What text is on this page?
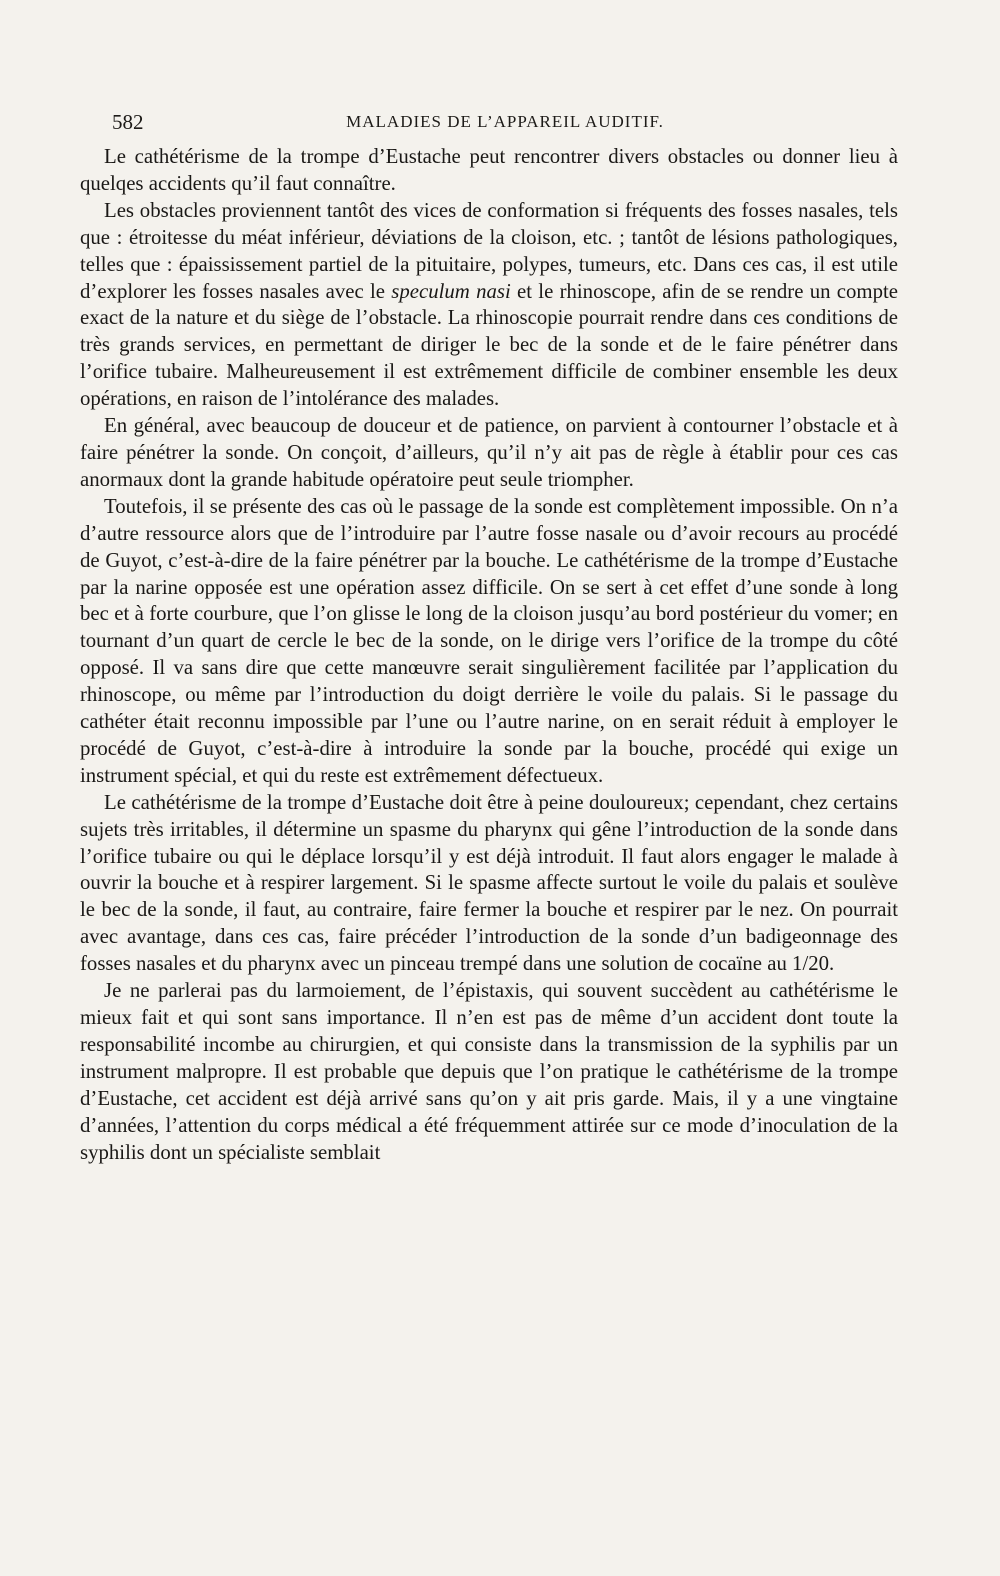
582	MALADIES DE L’APPAREIL AUDITIF.

Le cathétérisme de la trompe d’Eustache peut rencontrer divers obstacles ou donner lieu à quelqes accidents qu’il faut connaître.

Les obstacles proviennent tantôt des vices de conformation si fréquents des fosses nasales, tels que : étroitesse du méat inférieur, déviations de la cloison, etc. ; tantôt de lésions pathologiques, telles que : épaississement partiel de la pituitaire, polypes, tumeurs, etc. Dans ces cas, il est utile d’explorer les fosses nasales avec le speculum nasi et le rhinoscope, afin de se rendre un compte exact de la nature et du siège de l’obstacle. La rhinoscopie pourrait rendre dans ces conditions de très grands services, en permettant de diriger le bec de la sonde et de le faire pénétrer dans l’orifice tubaire. Malheureusement il est extrêmement difficile de combiner ensemble les deux opérations, en raison de l’intolérance des malades.

En général, avec beaucoup de douceur et de patience, on parvient à contourner l’obstacle et à faire pénétrer la sonde. On conçoit, d’ailleurs, qu’il n’y ait pas de règle à établir pour ces cas anormaux dont la grande habitude opératoire peut seule triompher.

Toutefois, il se présente des cas où le passage de la sonde est complètement impossible. On n’a d’autre ressource alors que de l’introduire par l’autre fosse nasale ou d’avoir recours au procédé de Guyot, c’est-à-dire de la faire pénétrer par la bouche. Le cathétérisme de la trompe d’Eustache par la narine opposée est une opération assez difficile. On se sert à cet effet d’une sonde à long bec et à forte courbure, que l’on glisse le long de la cloison jusqu’au bord postérieur du vomer; en tournant d’un quart de cercle le bec de la sonde, on le dirige vers l’orifice de la trompe du côté opposé. Il va sans dire que cette manœuvre serait singulièrement facilitée par l’application du rhinoscope, ou même par l’introduction du doigt derrière le voile du palais. Si le passage du cathéter était reconnu impossible par l’une ou l’autre narine, on en serait réduit à employer le procédé de Guyot, c’est-à-dire à introduire la sonde par la bouche, procédé qui exige un instrument spécial, et qui du reste est extrêmement défectueux.

Le cathétérisme de la trompe d’Eustache doit être à peine douloureux; cependant, chez certains sujets très irritables, il détermine un spasme du pharynx qui gêne l’introduction de la sonde dans l’orifice tubaire ou qui le déplace lorsqu’il y est déjà introduit. Il faut alors engager le malade à ouvrir la bouche et à respirer largement. Si le spasme affecte surtout le voile du palais et soulève le bec de la sonde, il faut, au contraire, faire fermer la bouche et respirer par le nez. On pourrait avec avantage, dans ces cas, faire précéder l’introduction de la sonde d’un badigeonnage des fosses nasales et du pharynx avec un pinceau trempé dans une solution de cocaïne au 1/20.

Je ne parlerai pas du larmoiement, de l’épistaxis, qui souvent succèdent au cathétérisme le mieux fait et qui sont sans importance. Il n’en est pas de même d’un accident dont toute la responsabilité incombe au chirurgien, et qui consiste dans la transmission de la syphilis par un instrument malpropre. Il est probable que depuis que l’on pratique le cathétérisme de la trompe d’Eustache, cet accident est déjà arrivé sans qu’on y ait pris garde. Mais, il y a une vingtaine d’années, l’attention du corps médical a été fréquemment attirée sur ce mode d’inoculation de la syphilis dont un spécialiste semblait
